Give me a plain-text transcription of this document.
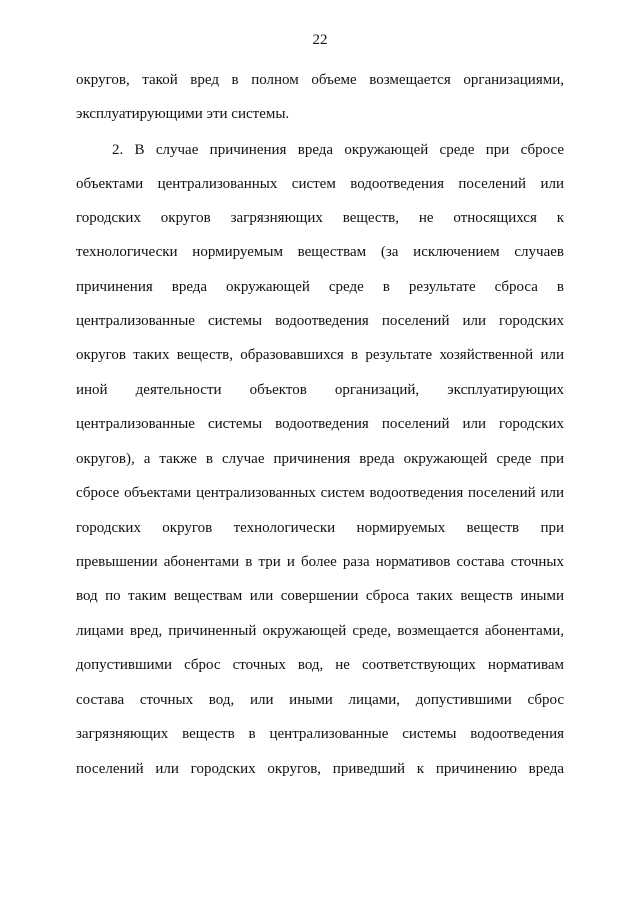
22
округов, такой вред в полном объеме возмещается организациями,
эксплуатирующими эти системы.
2. В случае причинения вреда окружающей среде при сбросе
объектами централизованных систем водоотведения поселений или
городских округов загрязняющих веществ, не относящихся к
технологически нормируемым веществам (за исключением случаев
причинения вреда окружающей среде в результате сброса в
централизованные системы водоотведения поселений или городских
округов таких веществ, образовавшихся в результате хозяйственной или
иной деятельности объектов организаций, эксплуатирующих
централизованные системы водоотведения поселений или городских
округов), а также в случае причинения вреда окружающей среде при
сбросе объектами централизованных систем водоотведения поселений или
городских округов технологически нормируемых веществ при
превышении абонентами в три и более раза нормативов состава сточных
вод по таким веществам или совершении сброса таких веществ иными
лицами вред, причиненный окружающей среде, возмещается абонентами,
допустившими сброс сточных вод, не соответствующих нормативам
состава сточных вод, или иными лицами, допустившими сброс
загрязняющих веществ в централизованные системы водоотведения
поселений или городских округов, приведший к причинению вреда
